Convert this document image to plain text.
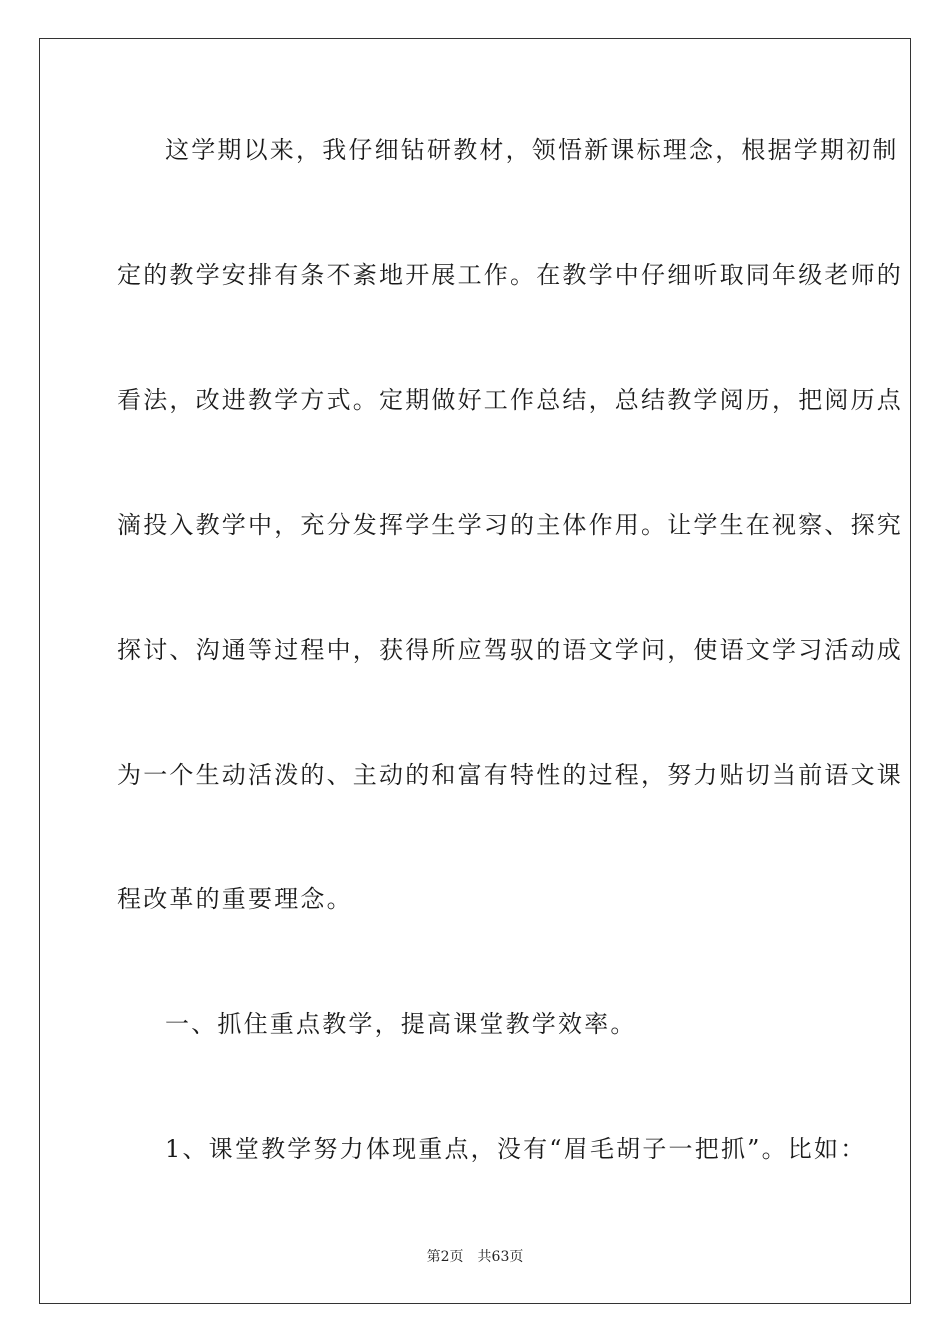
这学期以来，我仔细钻研教材，领悟新课标理念，根据学期初制
定的教学安排有条不紊地开展工作。在教学中仔细听取同年级老师的
看法，改进教学方式。定期做好工作总结，总结教学阅历，把阅历点
滴投入教学中，充分发挥学生学习的主体作用。让学生在视察、探究
探讨、沟通等过程中，获得所应驾驭的语文学问，使语文学习活动成
为一个生动活泼的、主动的和富有特性的过程，努力贴切当前语文课
程改革的重要理念。
一、抓住重点教学，提高课堂教学效率。
1、课堂教学努力体现重点，没有“眉毛胡子一把抓”。比如：
第2页 共63页
